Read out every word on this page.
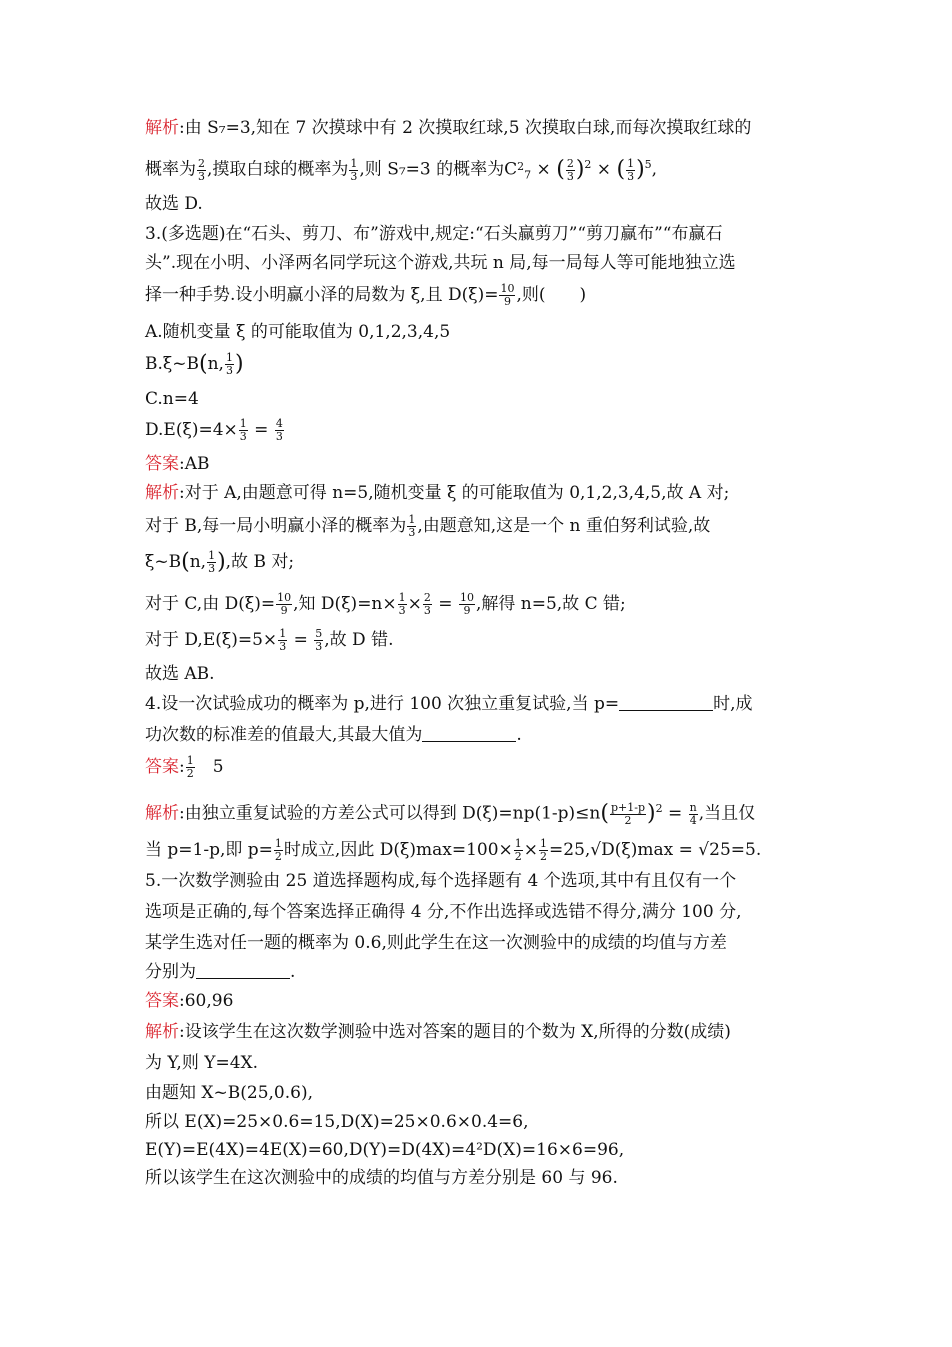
解析:由 S₇=3,知在 7 次摸球中有 2 次摸取红球,5 次摸取白球,而每次摸取红球的
概率为 $\frac{2}{3}$ ,摸取白球的概率为 $\frac{1}{3}$ ,则 S₇=3 的概率为$C^2_7$ × ( $\frac{2}{3} )^2$ × ( $\frac{1}{3} )^5$,
故选 D.
3.(多选题)在“石头、剪刀、布”游戏中,规定:“石头赢剪刀”“剪刀赢布”“布赢石
头”.现在小明、小泽两名同学玩这个游戏,共玩 n 局,每一局每人等可能地独立选
择一种手势.设小明赢小泽的局数为 ξ,且 $D(\xi)= \frac{10}{9}$ ,则(　　)
A.随机变量 ξ 的可能取值为 0,1,2,3,4,5
B.ξ~B(n, $\frac{1}{3}$ )
C.n=4
$D.E(\xi)=4\times \frac{1}{3} = \frac{4}{3}$
答案:AB
解析:对于 A,由题意可得 n=5,随机变量 ξ 的可能取值为 0,1,2,3,4,5,故 A 对;
对于 B,每一局小明赢小泽的概率为 $\frac{1}{3}$ ,由题意知,这是一个 n 重伯努利试验,故
ξ~B(n, $\frac{1}{3}$ ),故 B 对;
对于 C,由 $D(\xi)= \frac{10}{9}$ ,知 $D(\xi)=n\times \frac{1}{3} \times \frac{2}{3} = \frac{10}{9}$ ,解得 n=5,故 C 错;
对于 $D,E(\xi)=5\times \frac{1}{3} = \frac{5}{3}$ ,故 D 错.
故选 AB.
4.设一次试验成功的概率为 p,进行 100 次独立重复试验,当 p=	时,成
功次数的标准差的值最大,其最大值为	.
答案: $\frac{1}{2}$ 　5
解析:由独立重复试验的方差公式可以得到 $D(\xi)=np(1-p)\le n( \frac{p+1-p}{2} )^2 = \frac{n}{4}$ ,当且仅
当 p=1-p,即 $p= \frac{1}{2}$ 时成立,因此 $D(\xi)\max=100\times \frac{1}{2} \times \frac{1}{2} =25,√D(\xi)\max = √25=5$.
5.一次数学测验由 25 道选择题构成,每个选择题有 4 个选项,其中有且仅有一个
选项是正确的,每个答案选择正确得 4 分,不作出选择或选错不得分,满分 100 分,
某学生选对任一题的概率为 0.6,则此学生在这一次测验中的成绩的均值与方差
分别为	.
答案:60,96
解析:设该学生在这次数学测验中选对答案的题目的个数为 X,所得的分数(成绩)
为 Y,则 Y=4X.
由题知 X~B(25,0.6),
所以 E(X)=25×0.6=15,D(X)=25×0.6×0.4=6,
E(Y)=E(4X)=4E(X)=60,D(Y)=D(4X)=4²D(X)=16×6=96,
所以该学生在这次测验中的成绩的均值与方差分别是 60 与 96.
